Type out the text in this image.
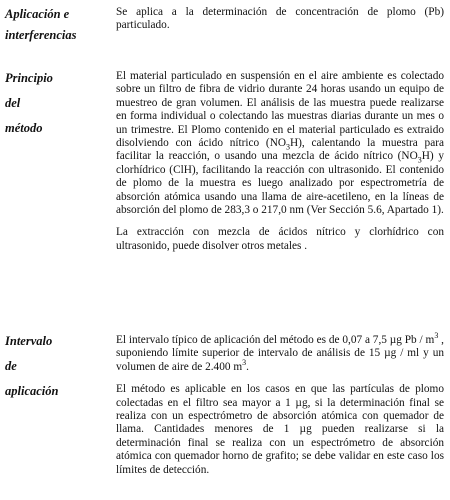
Aplicación e
interferencias

Se aplica a la determinación de concentración de plomo (Pb) particulado.

Principio
del
método

El material particulado en suspensión en el aire ambiente es colectado sobre un filtro de fibra de vidrio durante 24 horas usando un equipo de muestreo de gran volumen. El análisis de las muestra puede realizarse en forma individual o colectando las muestras diarias durante un mes o un trimestre. El Plomo contenido en el material particulado es extraido disolviendo con ácido nítrico $(NO_3H)$, calentando la muestra para facilitar la reacción, o usando una mezcla de ácido nítrico $(NO_3H)$ y clorhídrico (ClH), facilitando la reacción con ultrasonido. El contenido de plomo de la muestra es luego analizado por espectrometría de absorción atómica usando una llama de aire-acetileno, en la líneas de absorción del plomo de 283,3 o 217,0 nm (Ver Sección 5.6, Apartado 1).

La extracción con mezcla de ácidos nítrico y clorhídrico con ultrasonido, puede disolver otros metales .

Intervalo
de
aplicación

El intervalo típico de aplicación del método es de 0,07 a 7,5 µg Pb / $m^3$ , suponiendo límite superior de intervalo de análisis de 15 µg / ml y un volumen de aire de 2.400 $m^3$.

El método es aplicable en los casos en que las partículas de plomo colectadas en el filtro sea mayor a 1 µg, si la determinación final se realiza con un espectrómetro de absorción atómica con quemador de llama. Cantidades menores de 1 µg pueden realizarse si la determinación final se realiza con un espectrómetro de absorción atómica con quemador horno de grafito; se debe validar en este caso los límites de detección.
